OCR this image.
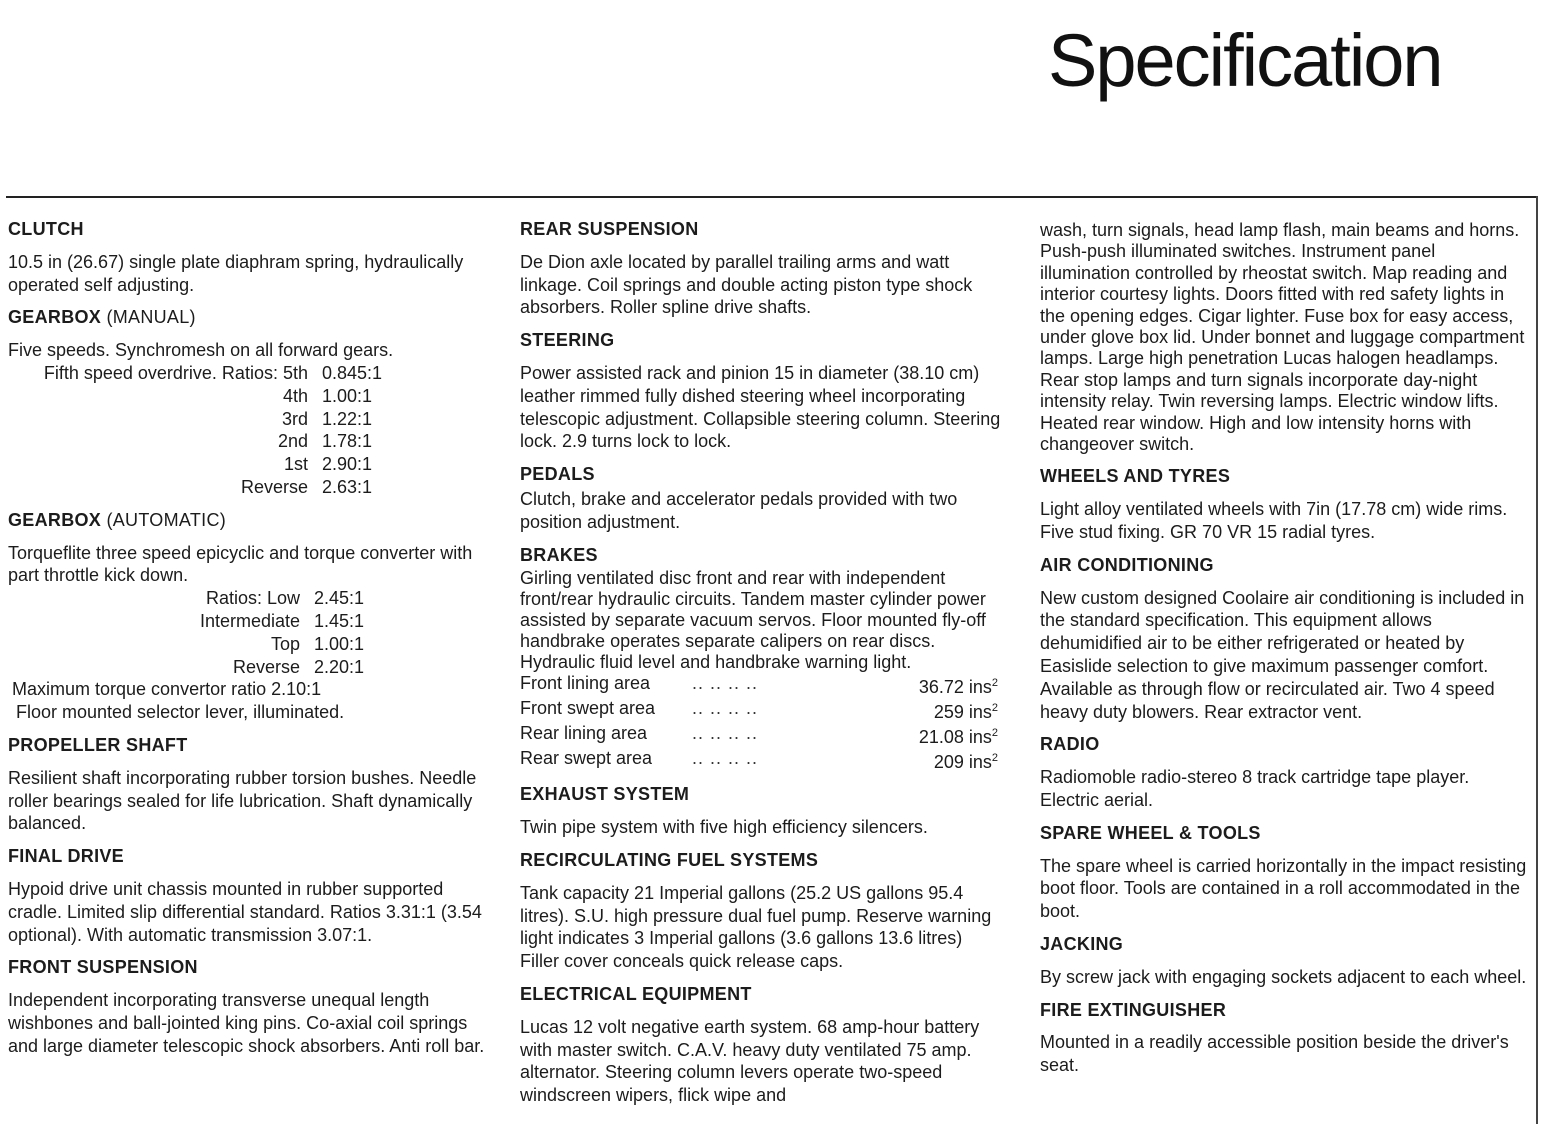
Specification
CLUTCH
10.5 in (26.67) single plate diaphram spring, hydraulically operated self adjusting.
GEARBOX (MANUAL)
Five speeds. Synchromesh on all forward gears.
Fifth speed overdrive. Ratios: 5th	0.845:1
4th	1.00:1
3rd	1.22:1
2nd	1.78:1
1st	2.90:1
Reverse	2.63:1
GEARBOX (AUTOMATIC)
Torqueflite three speed epicyclic and torque converter with part throttle kick down.
Ratios: Low	2.45:1
Intermediate	1.45:1
Top	1.00:1
Reverse	2.20:1
Maximum torque convertor ratio 2.10:1
Floor mounted selector lever, illuminated.
PROPELLER SHAFT
Resilient shaft incorporating rubber torsion bushes. Needle roller bearings sealed for life lubrication. Shaft dynamically balanced.
FINAL DRIVE
Hypoid drive unit chassis mounted in rubber supported cradle. Limited slip differential standard. Ratios 3.31:1 (3.54 optional). With automatic transmission 3.07:1.
FRONT SUSPENSION
Independent incorporating transverse unequal length wishbones and ball-jointed king pins. Co-axial coil springs and large diameter telescopic shock absorbers. Anti roll bar.
REAR SUSPENSION
De Dion axle located by parallel trailing arms and watt linkage. Coil springs and double acting piston type shock absorbers. Roller spline drive shafts.
STEERING
Power assisted rack and pinion 15 in diameter (38.10 cm) leather rimmed fully dished steering wheel incorporating telescopic adjustment. Collapsible steering column. Steering lock. 2.9 turns lock to lock.
PEDALS
Clutch, brake and accelerator pedals provided with two position adjustment.
BRAKES
Girling ventilated disc front and rear with independent front/rear hydraulic circuits. Tandem master cylinder power assisted by separate vacuum servos. Floor mounted fly-off handbrake operates separate calipers on rear discs. Hydraulic fluid level and handbrake warning light.
Front lining area	.. .. .. ..	36.72 ins$^2$
Front swept area	.. .. .. ..	259 ins$^2$
Rear lining area	.. .. .. ..	21.08 ins$^2$
Rear swept area	.. .. .. ..	209 ins$^2$
EXHAUST SYSTEM
Twin pipe system with five high efficiency silencers.
RECIRCULATING FUEL SYSTEMS
Tank capacity 21 Imperial gallons (25.2 US gallons 95.4 litres). S.U. high pressure dual fuel pump. Reserve warning light indicates 3 Imperial gallons (3.6 gallons 13.6 litres) Filler cover conceals quick release caps.
ELECTRICAL EQUIPMENT
Lucas 12 volt negative earth system. 68 amp-hour battery with master switch. C.A.V. heavy duty ventilated 75 amp. alternator. Steering column levers operate two-speed windscreen wipers, flick wipe and
wash, turn signals, head lamp flash, main beams and horns. Push-push illuminated switches. Instrument panel illumination controlled by rheostat switch. Map reading and interior courtesy lights. Doors fitted with red safety lights in the opening edges. Cigar lighter. Fuse box for easy access, under glove box lid. Under bonnet and luggage compartment lamps. Large high penetration Lucas halogen headlamps. Rear stop lamps and turn signals incorporate day-night intensity relay. Twin reversing lamps. Electric window lifts. Heated rear window. High and low intensity horns with changeover switch.
WHEELS AND TYRES
Light alloy ventilated wheels with 7in (17.78 cm) wide rims. Five stud fixing. GR 70 VR 15 radial tyres.
AIR CONDITIONING
New custom designed Coolaire air conditioning is included in the standard specification. This equipment allows dehumidified air to be either refrigerated or heated by Easislide selection to give maximum passenger comfort. Available as through flow or recirculated air. Two 4 speed heavy duty blowers. Rear extractor vent.
RADIO
Radiomoble radio-stereo 8 track cartridge tape player. Electric aerial.
SPARE WHEEL & TOOLS
The spare wheel is carried horizontally in the impact resisting boot floor. Tools are contained in a roll accommodated in the boot.
JACKING
By screw jack with engaging sockets adjacent to each wheel.
FIRE EXTINGUISHER
Mounted in a readily accessible position beside the driver's seat.
